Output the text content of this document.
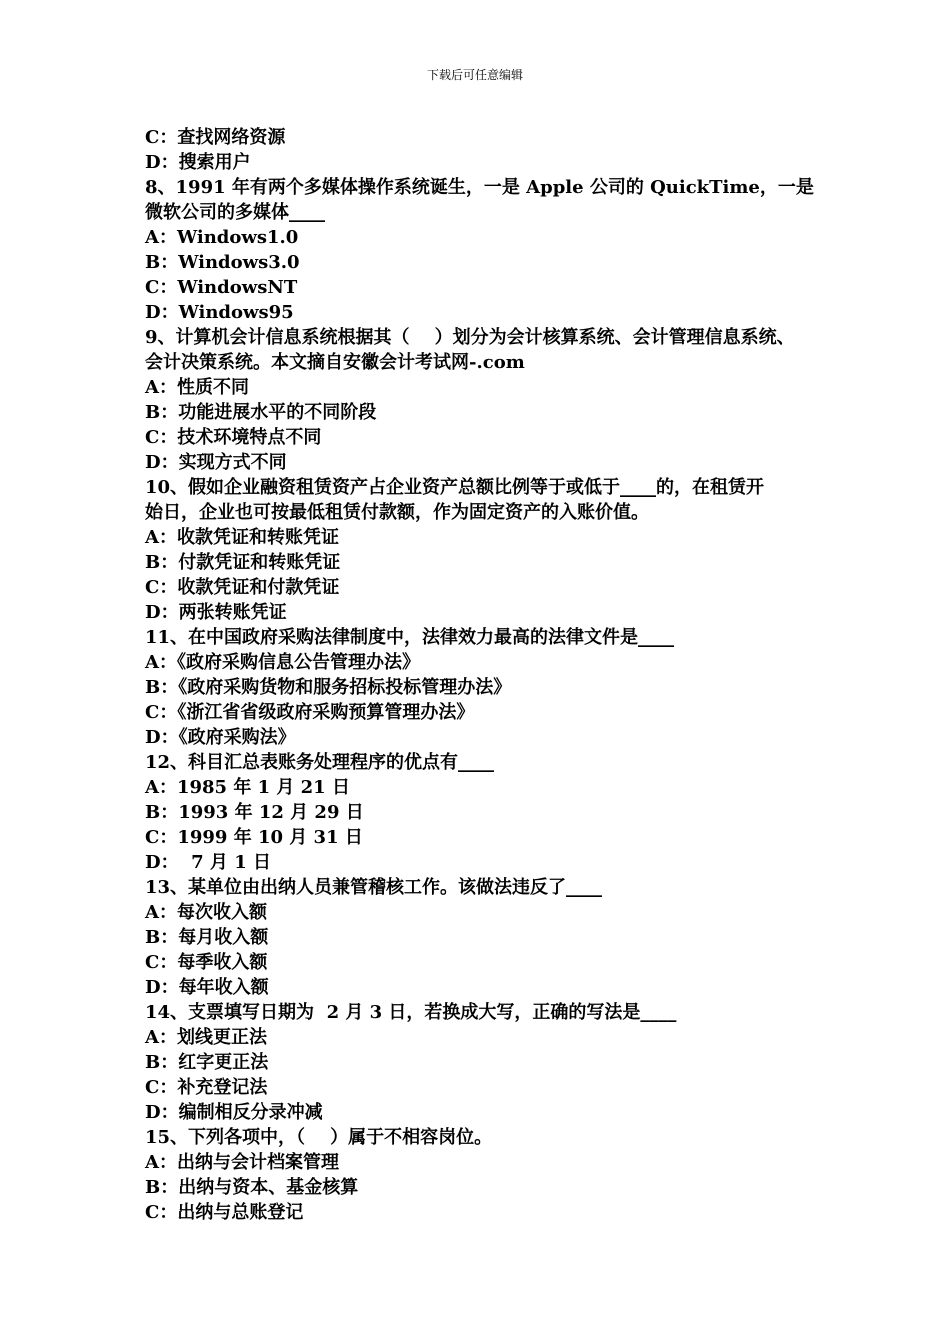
下载后可任意编辑
C：查找网络资源
D：搜索用户
8、1991 年有两个多媒体操作系统诞生，一是 Apple 公司的 QuickTime，一是
微软公司的多媒体____
A：Windows1.0
B：Windows3.0
C：WindowsNT
D：Windows95
9、计算机会计信息系统根据其（    ）划分为会计核算系统、会计管理信息系统、
会计决策系统。本文摘自安徽会计考试网-.com
A：性质不同
B：功能进展水平的不同阶段
C：技术环境特点不同
D：实现方式不同
10、假如企业融资租赁资产占企业资产总额比例等于或低于____的，在租赁开
始日，企业也可按最低租赁付款额，作为固定资产的入账价值。
A：收款凭证和转账凭证
B：付款凭证和转账凭证
C：收款凭证和付款凭证
D：两张转账凭证
11、在中国政府采购法律制度中，法律效力最高的法律文件是____
A：《政府采购信息公告管理办法》
B：《政府采购货物和服务招标投标管理办法》
C：《浙江省省级政府采购预算管理办法》
D：《政府采购法》
12、科目汇总表账务处理程序的优点有____
A：1985 年 1 月 21 日
B：1993 年 12 月 29 日
C：1999 年 10 月 31 日
D：  7 月 1 日
13、某单位由出纳人员兼管稽核工作。该做法违反了____
A：每次收入额
B：每月收入额
C：每季收入额
D：每年收入额
14、支票填写日期为  2 月 3 日，若换成大写，正确的写法是____
A：划线更正法
B：红字更正法
C：补充登记法
D：编制相反分录冲减
15、下列各项中，（    ）属于不相容岗位。
A：出纳与会计档案管理
B：出纳与资本、基金核算
C：出纳与总账登记
